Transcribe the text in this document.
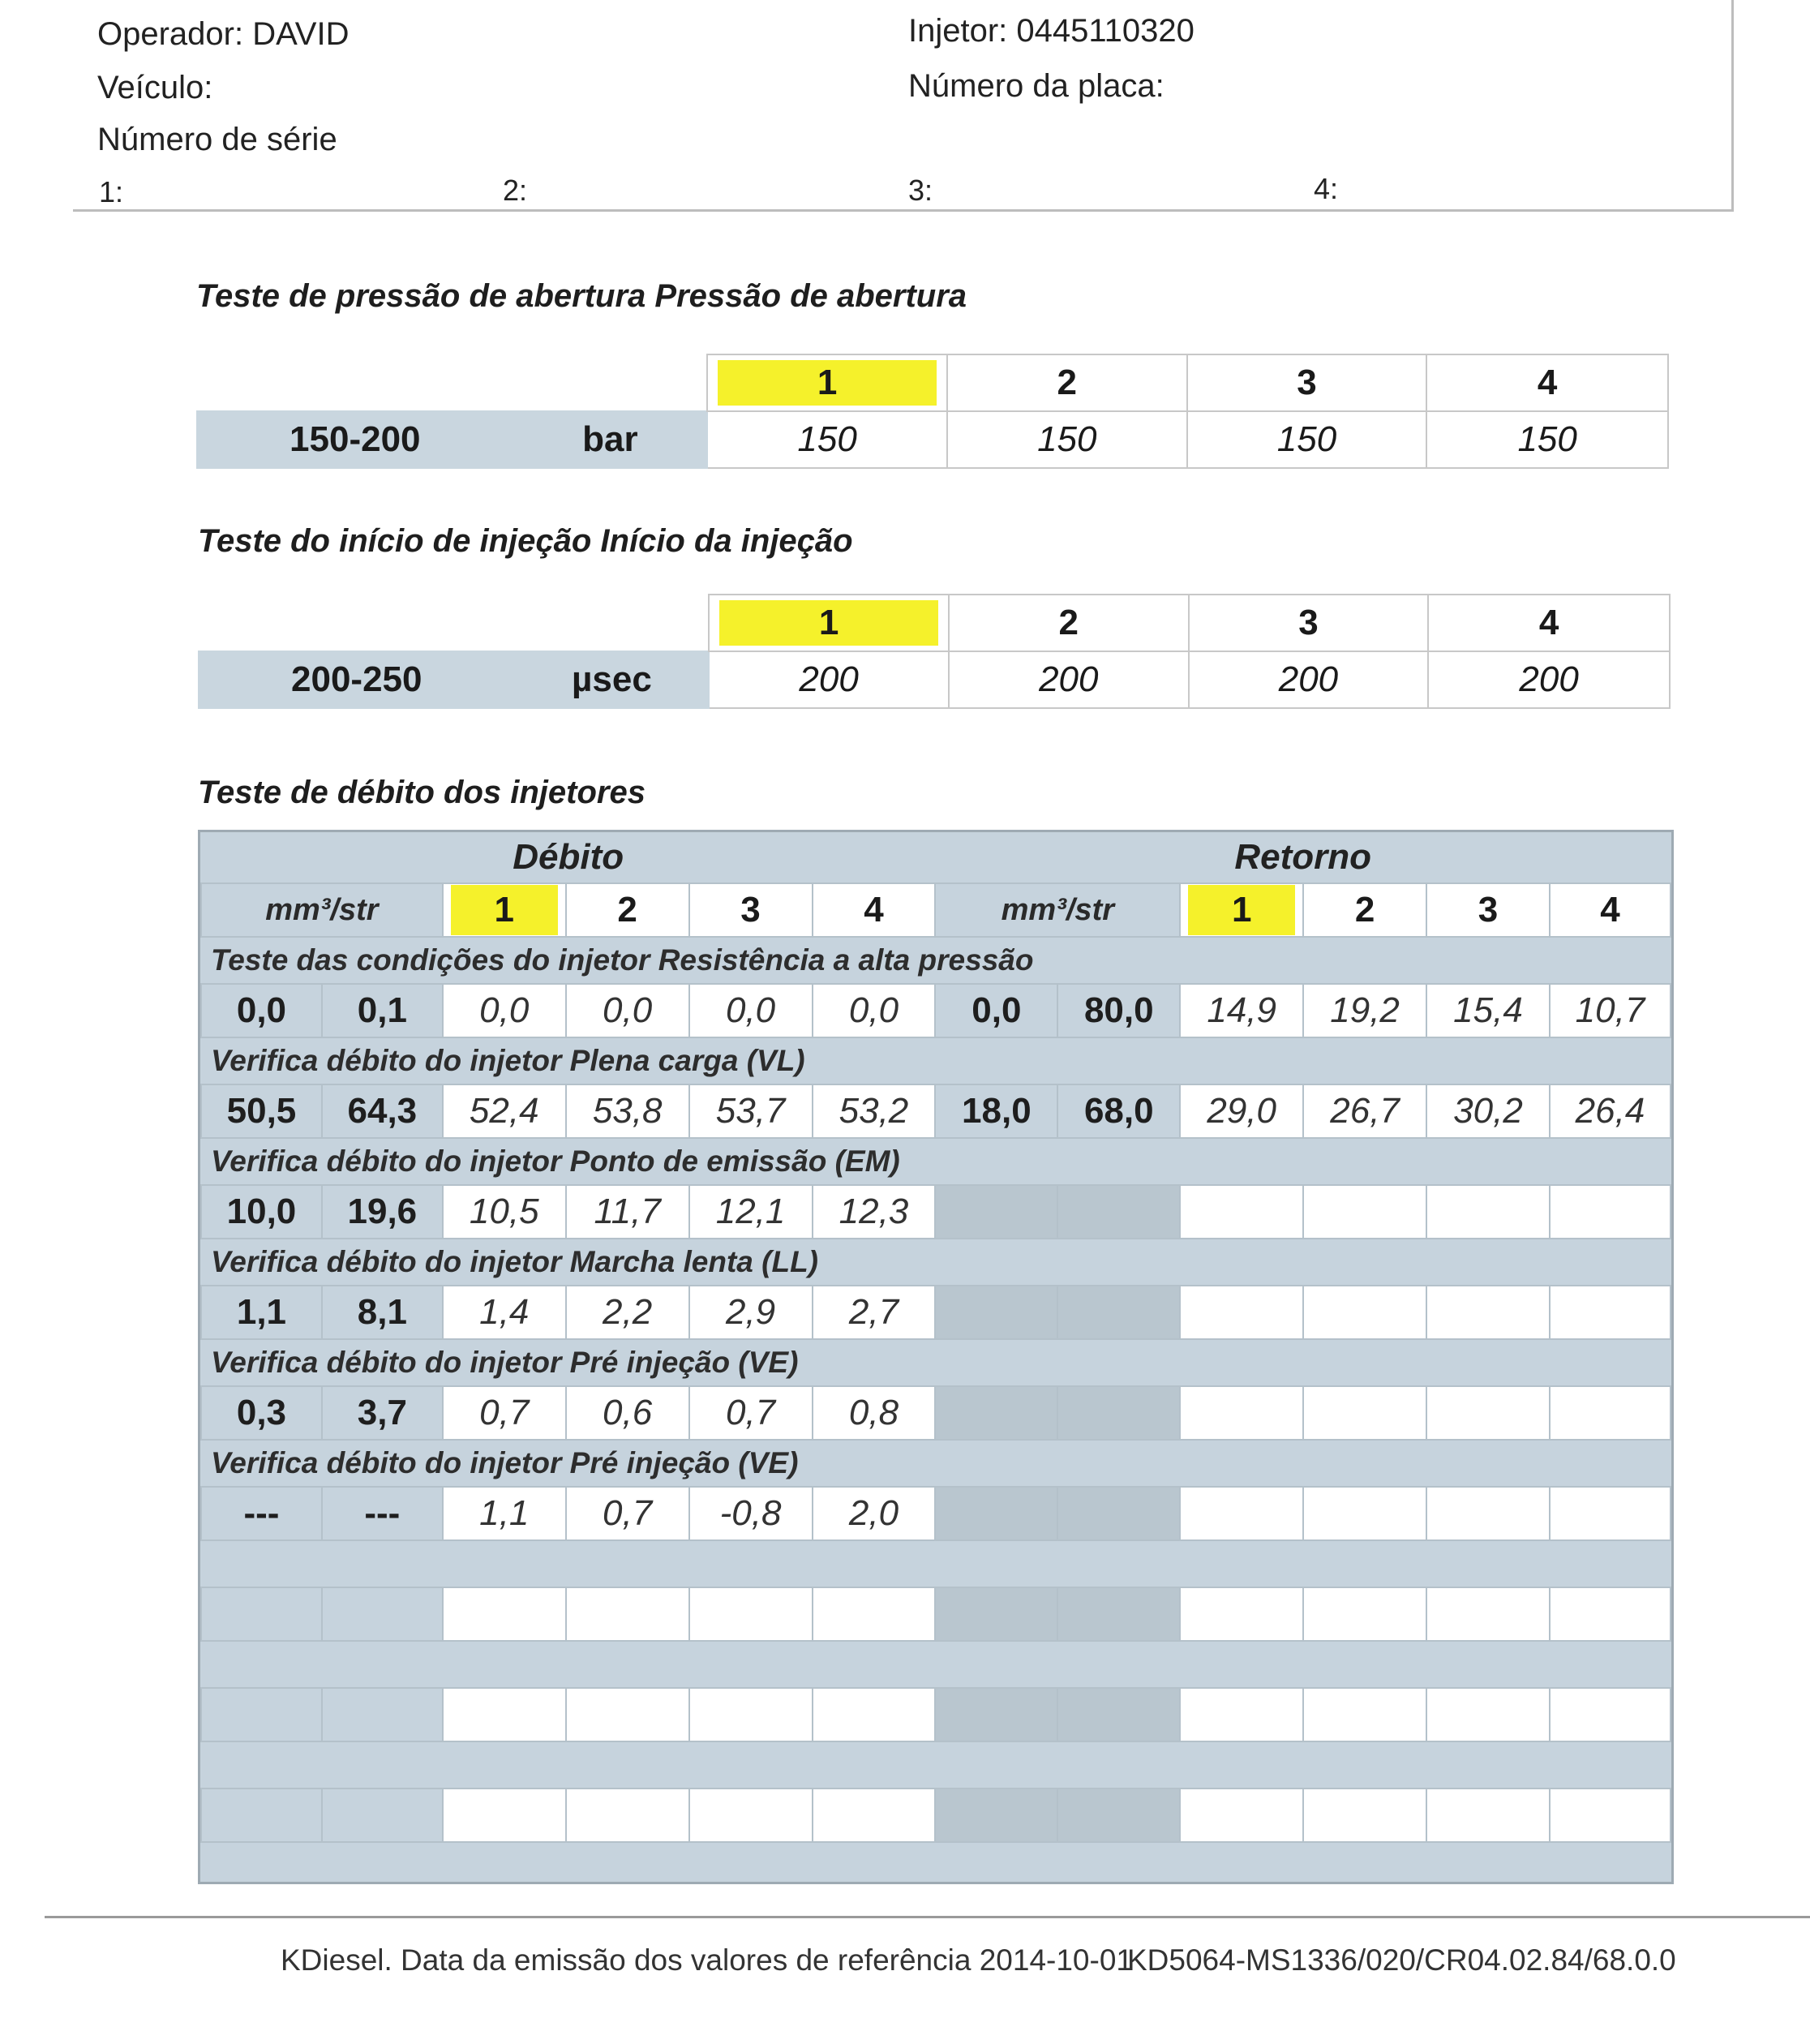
Operador: DAVID	Injetor: 0445110320
Veículo:	Número da placa:
Número de série
1:	2:	3:	4:
Teste de pressão de abertura Pressão de abertura
		1	2	3	4
150-200	bar	150	150	150	150
Teste do início de injeção Início da injeção
		1	2	3	4
200-250	µsec	200	200	200	200
Teste de débito dos injetores
Débito						Retorno					
mm³/str		1	2	3	4	mm³/str		1	2	3	4
Teste das condições do injetor Resistência a alta pressão											
0,0	0,1	0,0	0,0	0,0	0,0	0,0	80,0	14,9	19,2	15,4	10,7
Verifica débito do injetor Plena carga (VL)											
50,5	64,3	52,4	53,8	53,7	53,2	18,0	68,0	29,0	26,7	30,2	26,4
Verifica débito do injetor Ponto de emissão (EM)											
10,0	19,6	10,5	11,7	12,1	12,3						
Verifica débito do injetor Marcha lenta (LL)											
1,1	8,1	1,4	2,2	2,9	2,7						
Verifica débito do injetor Pré injeção (VE)											
0,3	3,7	0,7	0,6	0,7	0,8						
Verifica débito do injetor Pré injeção (VE)											
---	---	1,1	0,7	-0,8	2,0						

KDiesel. Data da emissão dos valores de referência 2014-10-01
KD5064-MS1336/020/CR04.02.84/68.0.0
